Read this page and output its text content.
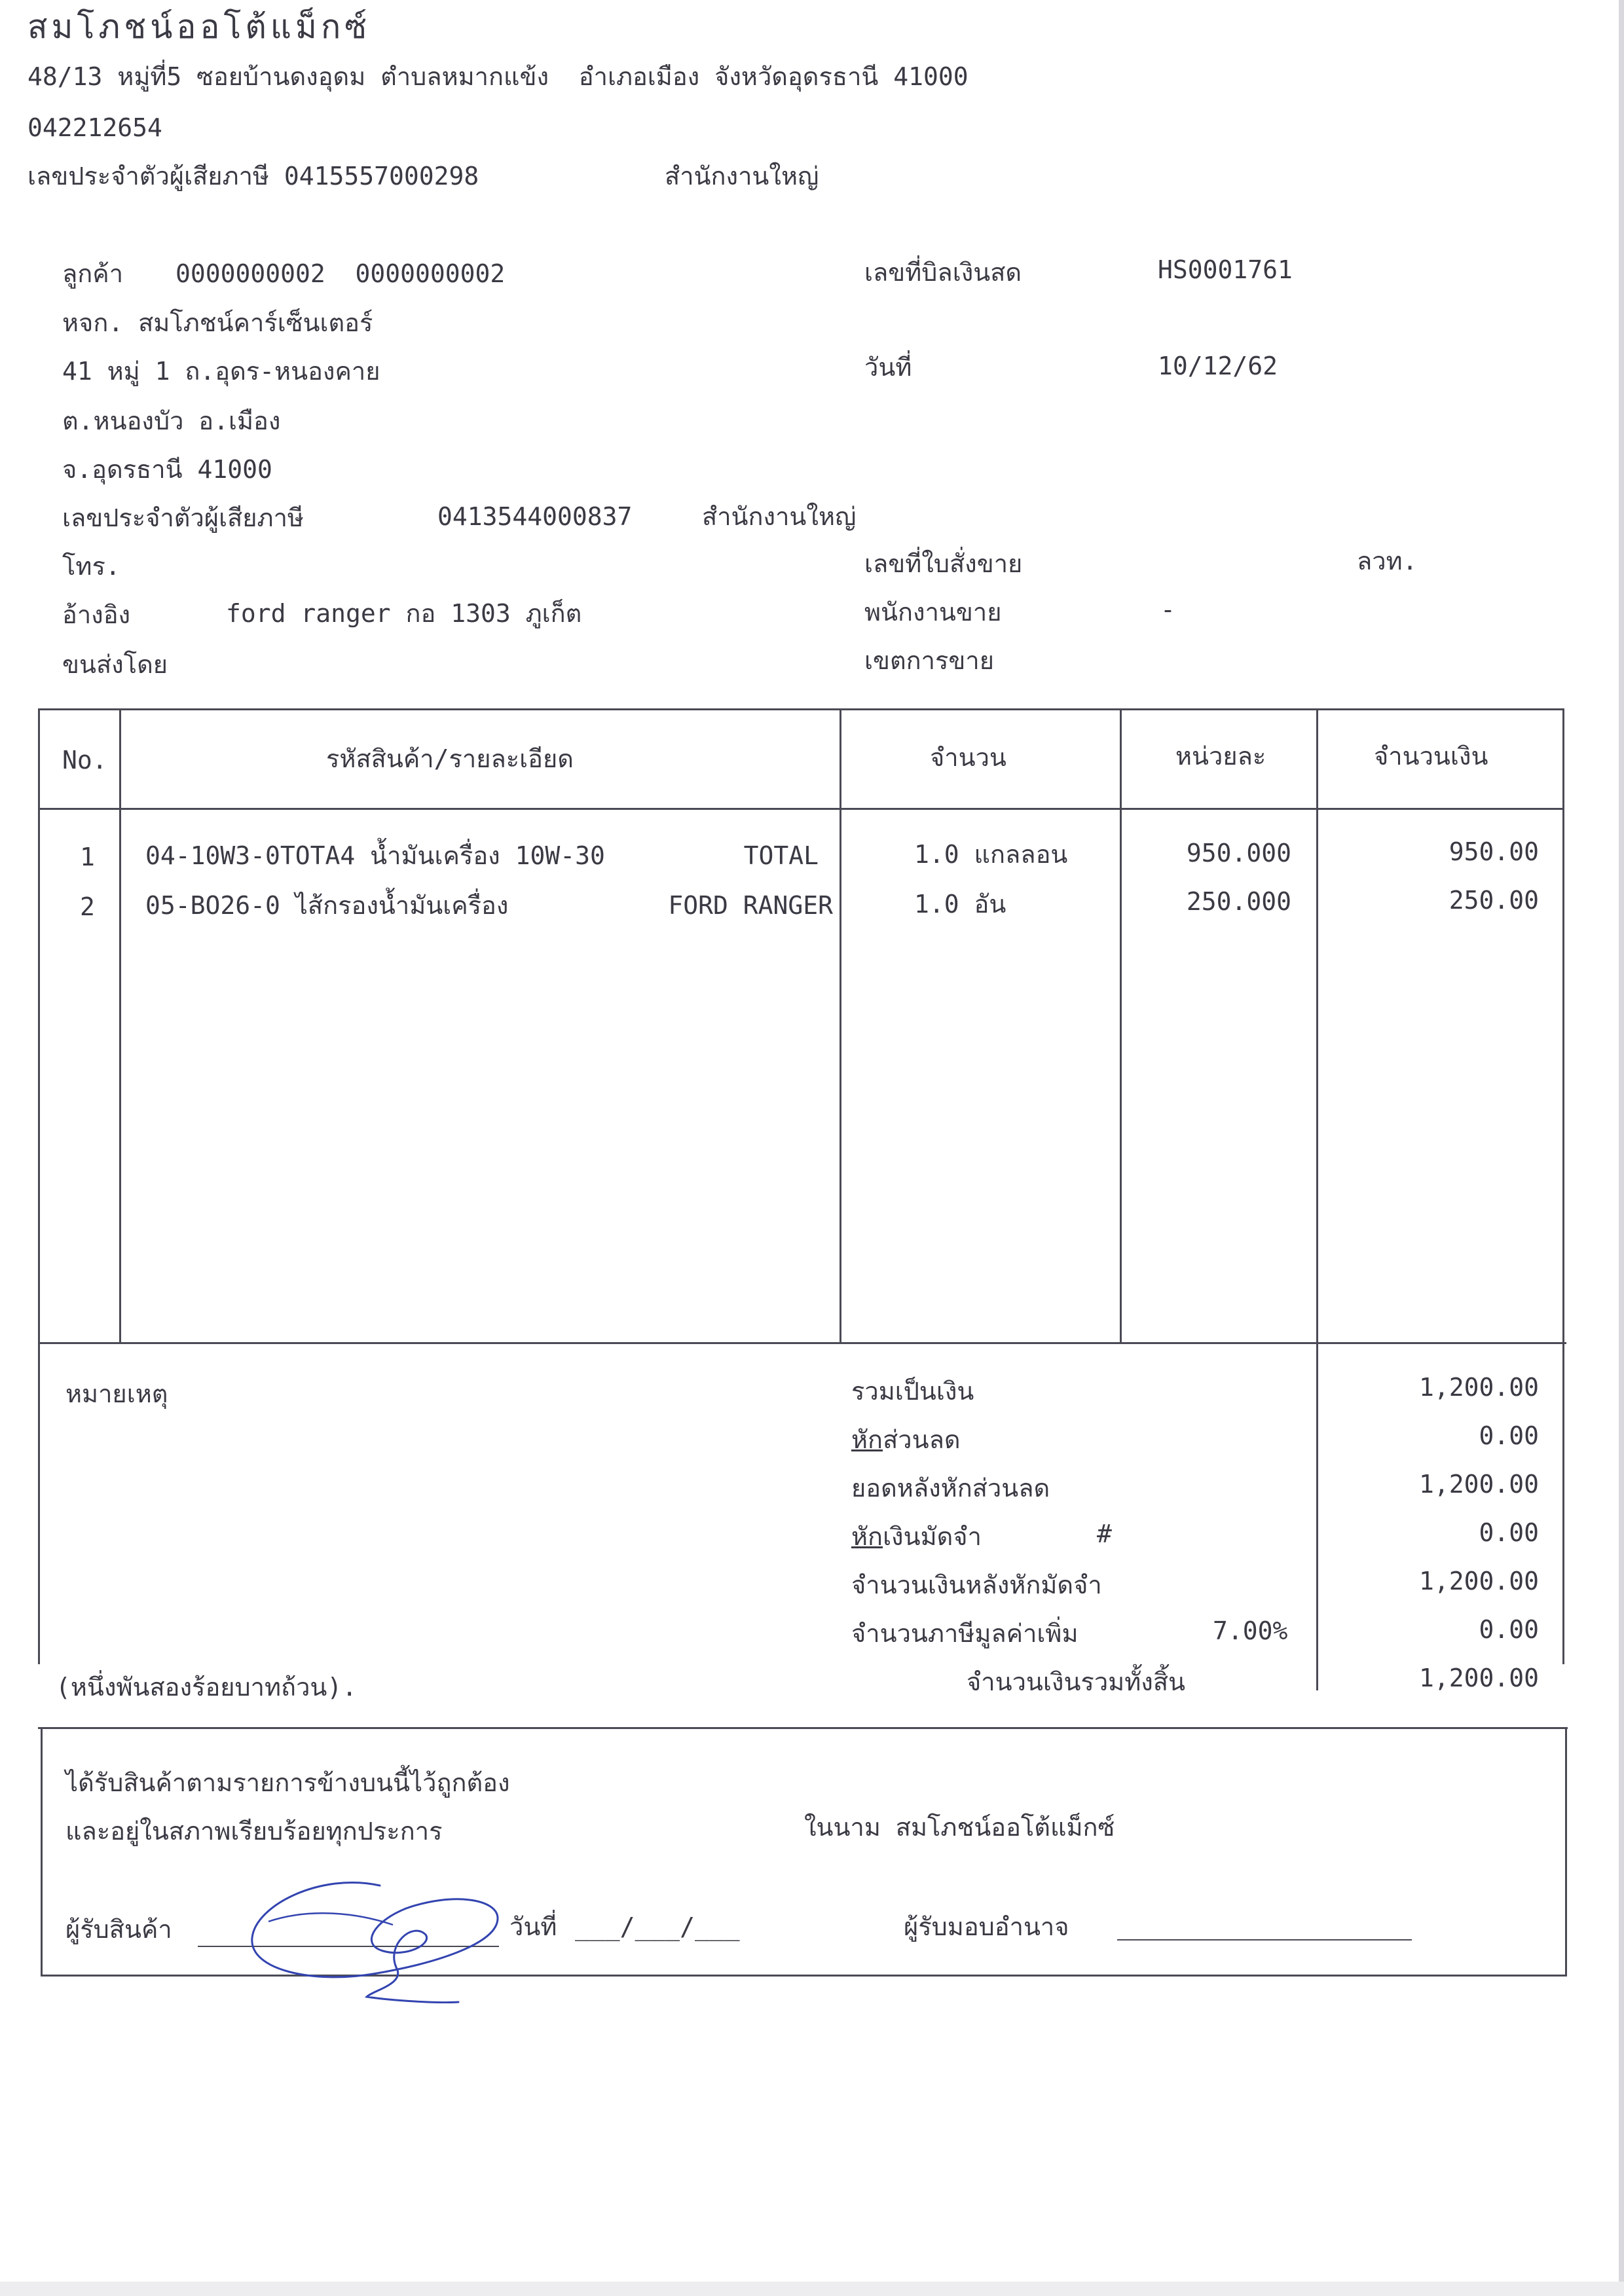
สมโภชน์ออโต้แม็กซ์
48/13 หมู่ที่5 ซอยบ้านดงอุดม ตำบลหมากแข้ง  อำเภอเมือง จังหวัดอุดรธานี 41000
042212654
เลขประจำตัวผู้เสียภาษี 0415557000298	สำนักงานใหญ่
ลูกค้า 0000000002  0000000002
หจก. สมโภชน์คาร์เซ็นเตอร์
41 หมู่ 1 ถ.อุดร-หนองคาย
ต.หนองบัว อ.เมือง
จ.อุดรธานี 41000
เลขประจำตัวผู้เสียภาษี	0413544000837	สำนักงานใหญ่
โทร.
อ้างอิง	ford ranger กอ 1303 ภูเก็ต
ขนส่งโดย
เลขที่บิลเงินสด	HS0001761
วันที่	10/12/62
เลขที่ใบสั่งขาย	ลวท.
พนักงานขาย	-
เขตการขาย
No.	รหัสสินค้า/รายละเอียด	จำนวน	หน่วยละ	จำนวนเงิน
1 04-10W3-0TOTA4 น้ำมันเครื่อง 10W-30	TOTAL	1.0 แกลลอน	950.000	950.00
2 05-BO26-0 ไส้กรองน้ำมันเครื่อง	FORD RANGER	1.0 อัน	250.000	250.00
หมายเหตุ
(หนึ่งพันสองร้อยบาทถ้วน).
รวมเป็นเงิน	1,200.00
หักส่วนลด	0.00
ยอดหลังหักส่วนลด	1,200.00
หักเงินมัดจำ	#	0.00
จำนวนเงินหลังหักมัดจำ	1,200.00
จำนวนภาษีมูลค่าเพิ่ม	7.00%	0.00
จำนวนเงินรวมทั้งสิ้น	1,200.00
ได้รับสินค้าตามรายการข้างบนนี้ไว้ถูกต้อง
และอยู่ในสภาพเรียบร้อยทุกประการ	ในนาม สมโภชน์ออโต้แม็กซ์
ผู้รับสินค้า	วันที่ ___/___/___	ผู้รับมอบอำนาจ
